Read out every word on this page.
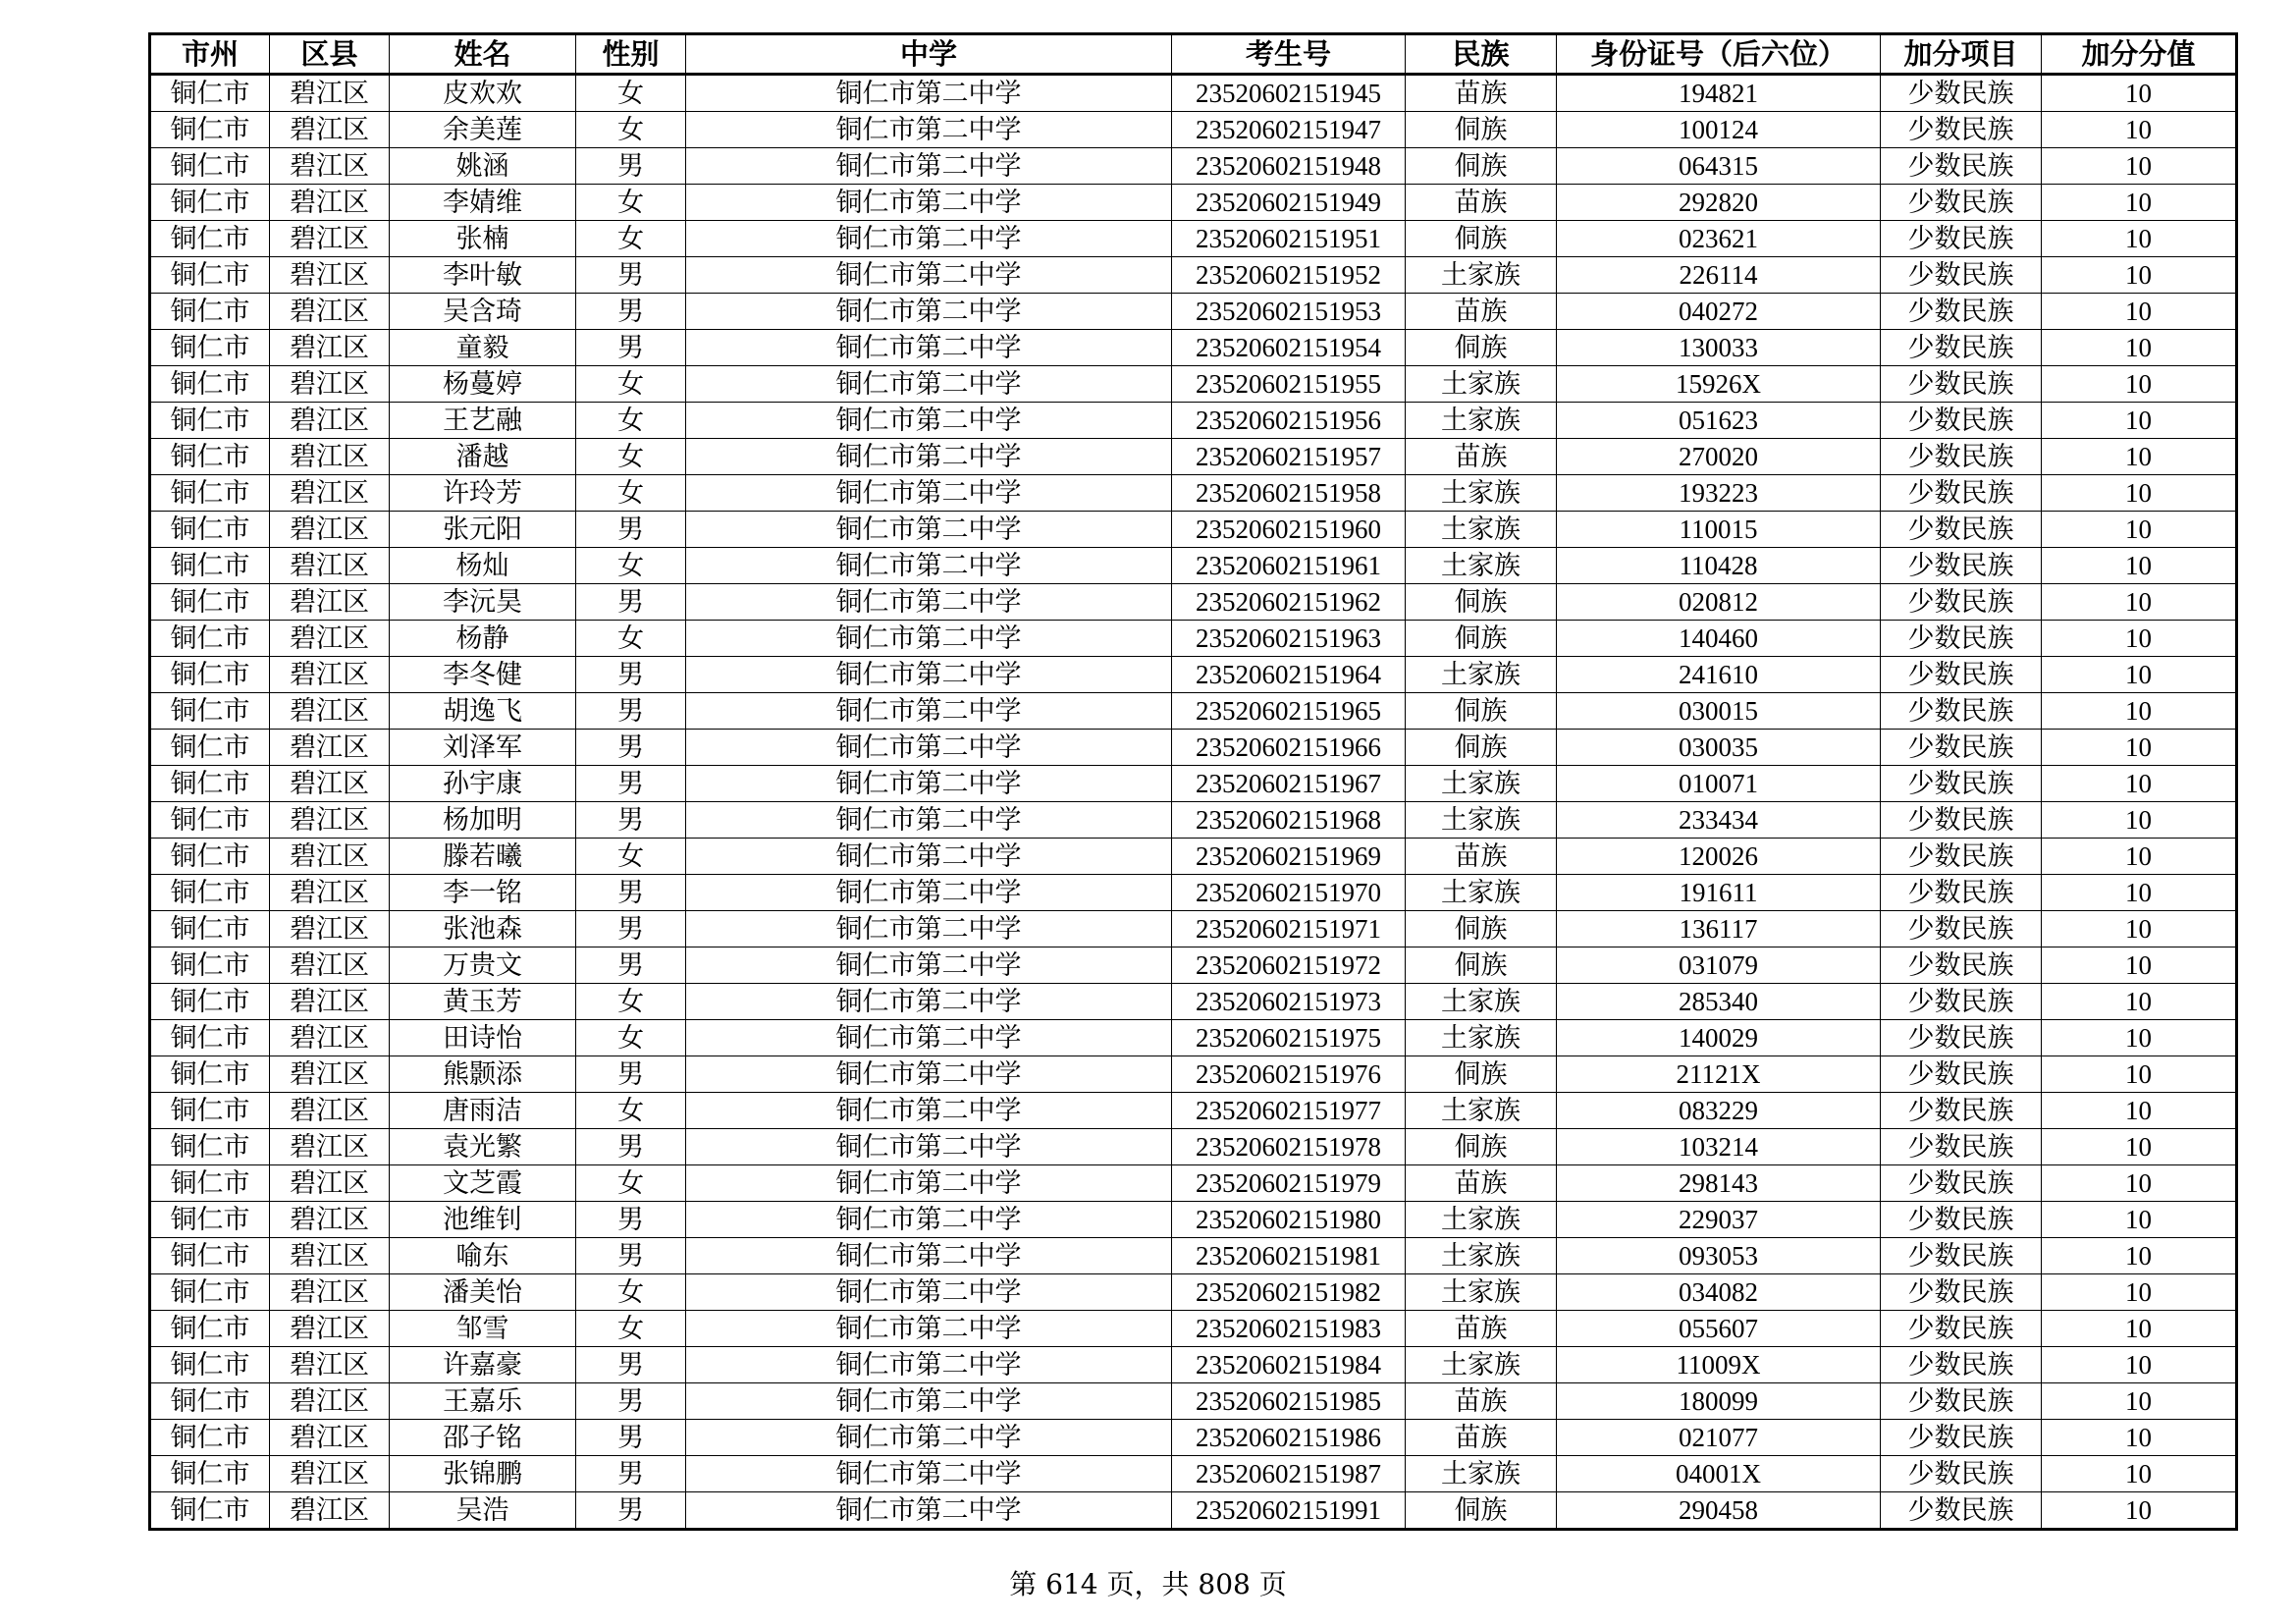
市州	区县	姓名	性别	中学	考生号	民族	身份证号（后六位）	加分项目	加分分值
铜仁市	碧江区	皮欢欢	女	铜仁市第二中学	23520602151945	苗族	194821	少数民族	10
铜仁市	碧江区	余美莲	女	铜仁市第二中学	23520602151947	侗族	100124	少数民族	10
铜仁市	碧江区	姚涵	男	铜仁市第二中学	23520602151948	侗族	064315	少数民族	10
铜仁市	碧江区	李婧维	女	铜仁市第二中学	23520602151949	苗族	292820	少数民族	10
铜仁市	碧江区	张楠	女	铜仁市第二中学	23520602151951	侗族	023621	少数民族	10
铜仁市	碧江区	李叶敏	男	铜仁市第二中学	23520602151952	土家族	226114	少数民族	10
铜仁市	碧江区	吴含琦	男	铜仁市第二中学	23520602151953	苗族	040272	少数民族	10
铜仁市	碧江区	童毅	男	铜仁市第二中学	23520602151954	侗族	130033	少数民族	10
铜仁市	碧江区	杨蔓婷	女	铜仁市第二中学	23520602151955	土家族	15926X	少数民族	10
铜仁市	碧江区	王艺融	女	铜仁市第二中学	23520602151956	土家族	051623	少数民族	10
铜仁市	碧江区	潘越	女	铜仁市第二中学	23520602151957	苗族	270020	少数民族	10
铜仁市	碧江区	许玲芳	女	铜仁市第二中学	23520602151958	土家族	193223	少数民族	10
铜仁市	碧江区	张元阳	男	铜仁市第二中学	23520602151960	土家族	110015	少数民族	10
铜仁市	碧江区	杨灿	女	铜仁市第二中学	23520602151961	土家族	110428	少数民族	10
铜仁市	碧江区	李沅昊	男	铜仁市第二中学	23520602151962	侗族	020812	少数民族	10
铜仁市	碧江区	杨静	女	铜仁市第二中学	23520602151963	侗族	140460	少数民族	10
铜仁市	碧江区	李冬健	男	铜仁市第二中学	23520602151964	土家族	241610	少数民族	10
铜仁市	碧江区	胡逸飞	男	铜仁市第二中学	23520602151965	侗族	030015	少数民族	10
铜仁市	碧江区	刘泽军	男	铜仁市第二中学	23520602151966	侗族	030035	少数民族	10
铜仁市	碧江区	孙宇康	男	铜仁市第二中学	23520602151967	土家族	010071	少数民族	10
铜仁市	碧江区	杨加明	男	铜仁市第二中学	23520602151968	土家族	233434	少数民族	10
铜仁市	碧江区	滕若曦	女	铜仁市第二中学	23520602151969	苗族	120026	少数民族	10
铜仁市	碧江区	李一铭	男	铜仁市第二中学	23520602151970	土家族	191611	少数民族	10
铜仁市	碧江区	张池森	男	铜仁市第二中学	23520602151971	侗族	136117	少数民族	10
铜仁市	碧江区	万贵文	男	铜仁市第二中学	23520602151972	侗族	031079	少数民族	10
铜仁市	碧江区	黄玉芳	女	铜仁市第二中学	23520602151973	土家族	285340	少数民族	10
铜仁市	碧江区	田诗怡	女	铜仁市第二中学	23520602151975	土家族	140029	少数民族	10
铜仁市	碧江区	熊颢添	男	铜仁市第二中学	23520602151976	侗族	21121X	少数民族	10
铜仁市	碧江区	唐雨洁	女	铜仁市第二中学	23520602151977	土家族	083229	少数民族	10
铜仁市	碧江区	袁光繁	男	铜仁市第二中学	23520602151978	侗族	103214	少数民族	10
铜仁市	碧江区	文芝霞	女	铜仁市第二中学	23520602151979	苗族	298143	少数民族	10
铜仁市	碧江区	池维钊	男	铜仁市第二中学	23520602151980	土家族	229037	少数民族	10
铜仁市	碧江区	喻东	男	铜仁市第二中学	23520602151981	土家族	093053	少数民族	10
铜仁市	碧江区	潘美怡	女	铜仁市第二中学	23520602151982	土家族	034082	少数民族	10
铜仁市	碧江区	邹雪	女	铜仁市第二中学	23520602151983	苗族	055607	少数民族	10
铜仁市	碧江区	许嘉豪	男	铜仁市第二中学	23520602151984	土家族	11009X	少数民族	10
铜仁市	碧江区	王嘉乐	男	铜仁市第二中学	23520602151985	苗族	180099	少数民族	10
铜仁市	碧江区	邵子铭	男	铜仁市第二中学	23520602151986	苗族	021077	少数民族	10
铜仁市	碧江区	张锦鹏	男	铜仁市第二中学	23520602151987	土家族	04001X	少数民族	10
铜仁市	碧江区	吴浩	男	铜仁市第二中学	23520602151991	侗族	290458	少数民族	10
第 614 页，共 808 页
